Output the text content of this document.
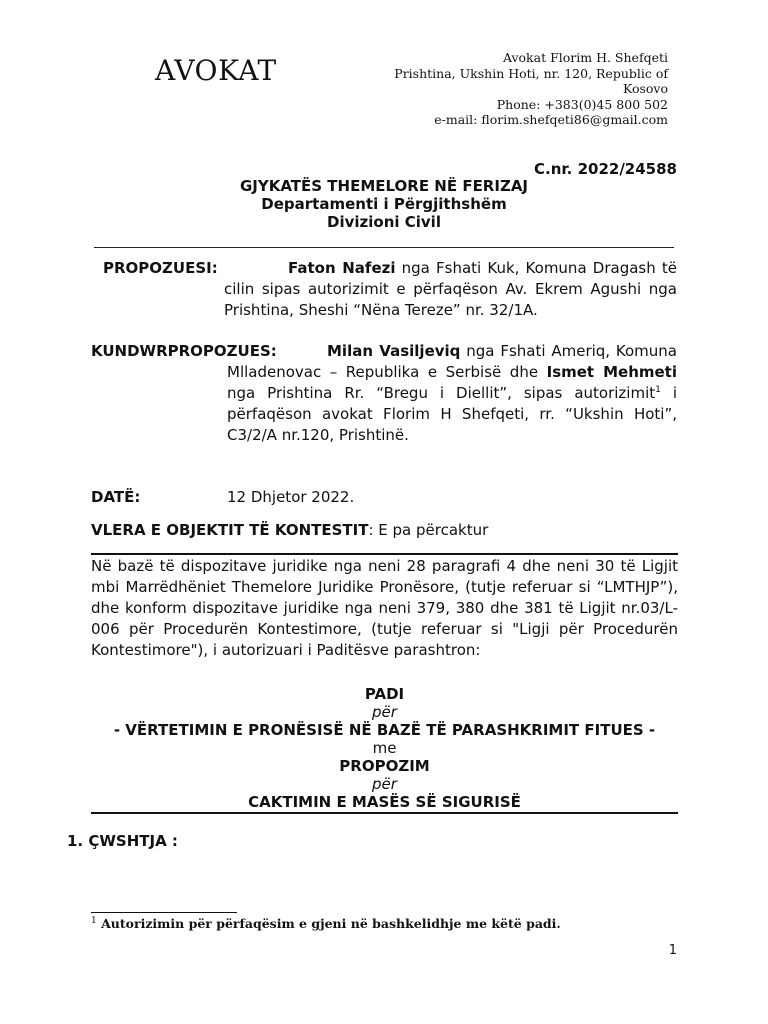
AVOKAT	Avokat Florim H. Shefqeti
Prishtina, Ukshin Hoti, nr. 120, Republic of
Kosovo
Phone: +383(0)45 800 502
e-mail: florim.shefqeti86@gmail.com
C.nr. 2022/24588
GJYKATËS THEMELORE NË FERIZAJ
Departamenti i Përgjithshëm
Divizioni Civil
PROPOZUESI:	Faton Nafezi nga Fshati Kuk, Komuna Dragash të cilin sipas autorizimit e përfaqëson Av. Ekrem Agushi nga Prishtina, Sheshi “Nëna Tereze” nr. 32/1A.
KUNDWRPROPOZUES:	Milan Vasiljeviq nga Fshati Ameriq, Komuna Mlladenovac – Republika e Serbisë dhe Ismet Mehmeti nga Prishtina Rr. “Bregu i Diellit”, sipas autorizimit$^1$ i përfaqëson avokat Florim H Shefqeti, rr. “Ukshin Hoti”, C3/2/A nr.120, Prishtinë.
DATË:	12 Dhjetor 2022.
VLERA E OBJEKTIT TË KONTESTIT: E pa përcaktur
Në bazë të dispozitave juridike nga neni 28 paragrafi 4 dhe neni 30 të Ligjit mbi Marrëdhëniet Themelore Juridike Pronësore, (tutje referuar si “LMTHJP”), dhe konform dispozitave juridike nga neni 379, 380 dhe 381 të Ligjit nr.03/L-006 për Procedurën Kontestimore, (tutje referuar si "Ligji për Procedurën Kontestimore"), i autorizuari i Paditësve parashtron:
PADI
për
- VËRTETIMIN E PRONËSISË NË BAZË TË PARASHKRIMIT FITUES -
me
PROPOZIM
për
CAKTIMIN E MASËS SË SIGURISË
1. ÇWSHTJA :
$^1$ Autorizimin për përfaqësim e gjeni në bashkelidhje me këtë padi.
1
